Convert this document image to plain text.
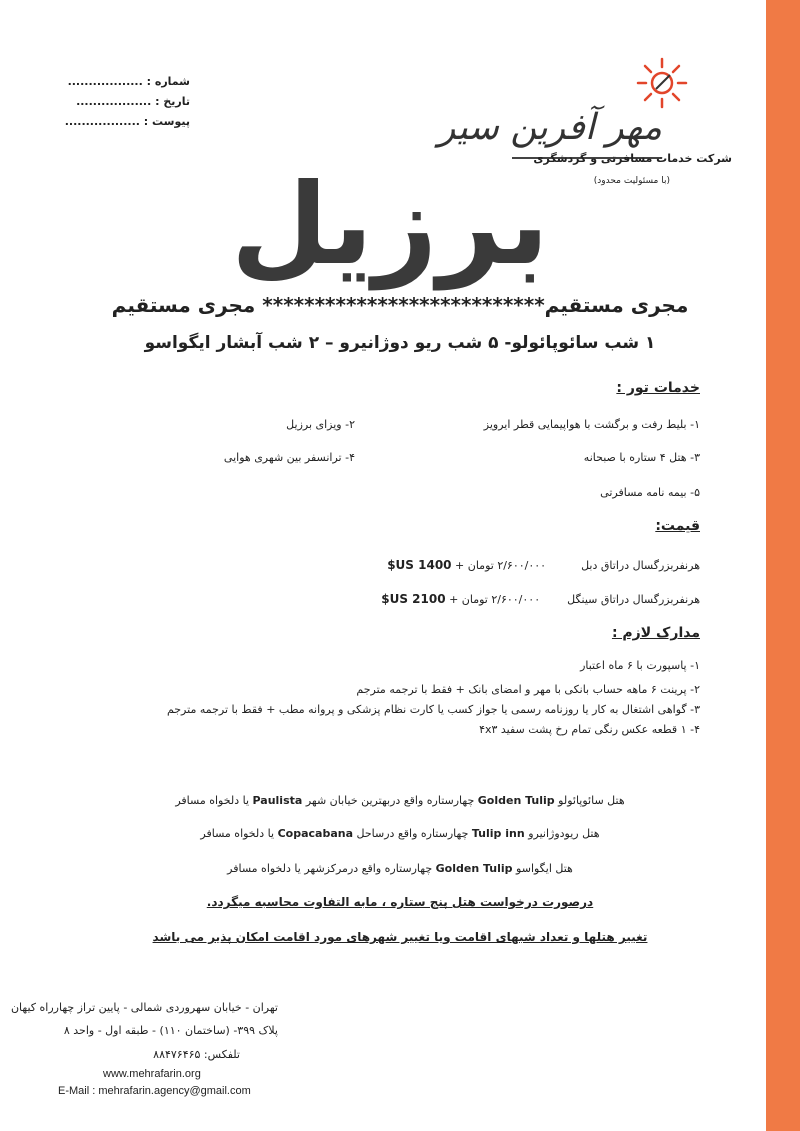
شماره : ..................
تاریخ : ..................
پیوست : ..................	مهر آفرین سیر
شرکت خدمات مسافرتی و گردشگری
(با مسئولیت محدود)
برزیل
مجری مستقیم*************************** مجری مستقیم
۱ شب سائوپائولو- ۵ شب ریو دوژانیرو – ۲ شب آبشار ایگواسو
خدمات تور :
۱- بلیط رفت و برگشت با هواپیمایی قطر ایرویز
۲- ویزای برزیل
۳- هتل ۴ ستاره با صبحانه
۴- ترانسفر بین شهری هوایی
۵- بیمه نامه مسافرتی
قیمت:
هرنفربزرگسال دراتاق دبل  ۲/۶۰۰/۰۰۰ تومان + 1400 US$
هرنفربزرگسال دراتاق سینگل  ۲/۶۰۰/۰۰۰ تومان + 2100 US$
مدارک لازم :
۱- پاسپورت با ۶ ماه اعتبار
۲- پرینت ۶ ماهه حساب بانکی با مهر و امضای بانک + فقط با ترجمه مترجم
۳- گواهی اشتغال به کار یا روزنامه رسمی یا جواز کسب یا کارت نظام پزشکی و پروانه مطب + فقط با ترجمه مترجم
۴- ۱ قطعه عکس رنگی تمام رخ پشت سفید ۴x۳
هتل سائوپائولو Golden Tulip چهارستاره واقع دربهترین خیابان شهر Paulista یا دلخواه مسافر
هتل ریودوژانیرو Tulip inn چهارستاره واقع درساحل Copacabana یا دلخواه مسافر
هتل ایگواسو Golden Tulip چهارستاره واقع درمرکزشهر یا دلخواه مسافر
درصورت درخواست هتل پنج ستاره ، مابه التفاوت محاسبه میگردد.
تغییر هتلها و تعداد شبهای اقامت ویا تغییر شهرهای مورد اقامت امکان پذیر می باشد
تهران - خیابان سهروردی شمالی - پایین تراز چهارراه کیهان
پلاک ۳۹۹- (ساختمان ۱۱۰) - طبقه اول - واحد ۸
تلفکس: ۸۸۴۷۶۴۶۵
www.mehrafarin.org
E-Mail : mehrafarin.agency@gmail.com
